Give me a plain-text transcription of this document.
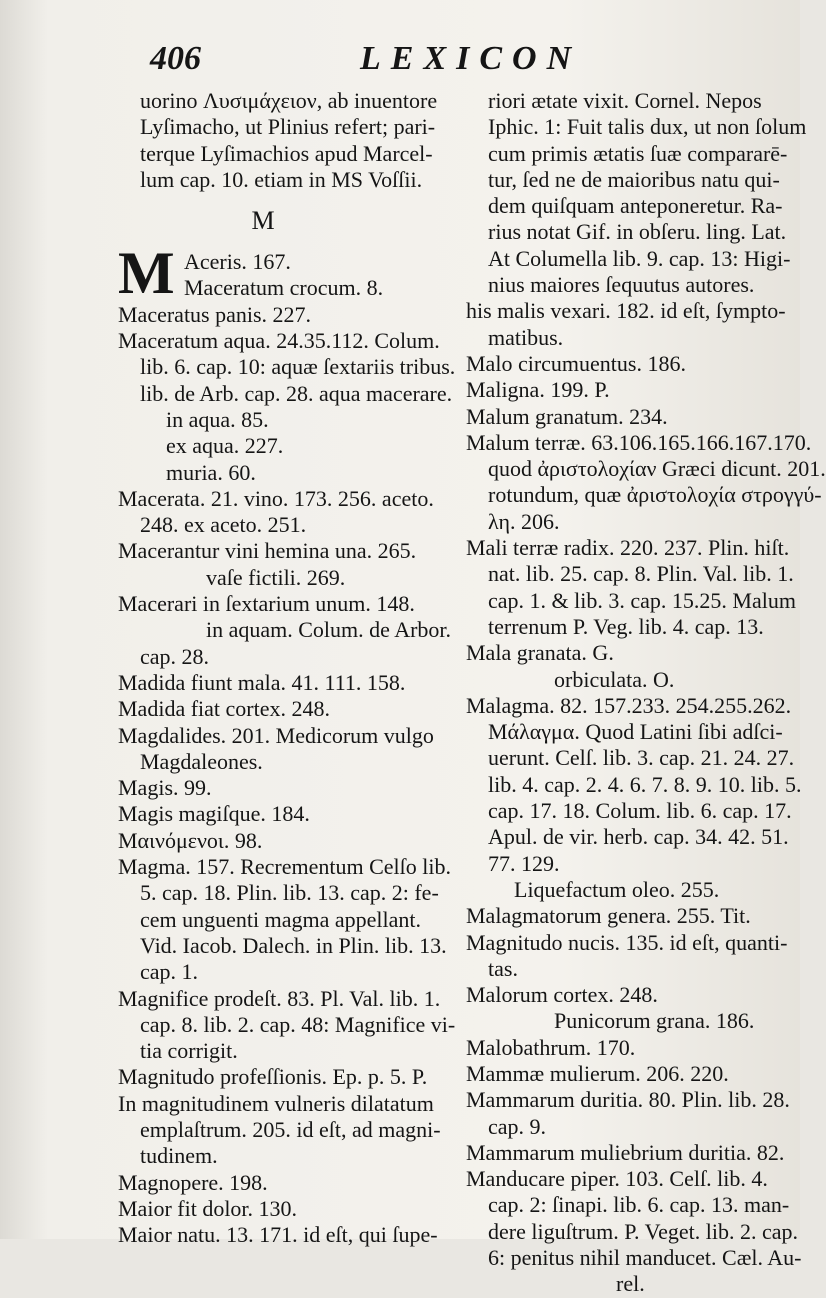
406	LEXICON
uorino Λυσιμάχειον, ab inuentore
Lyſimacho, ut Plinius refert; pari-
terque Lyſimachios apud Marcel-
lum cap. 10. etiam in MS Voſſii.
M
M Aceris. 167.
Maceratum crocum. 8.
Maceratus panis. 227.
Maceratum aqua. 24.35.112. Colum.
lib. 6. cap. 10: aquæ ſextariis tribus.
lib. de Arb. cap. 28. aqua macerare.
in aqua. 85.
ex aqua. 227.
muria. 60.
Macerata. 21. vino. 173. 256. aceto.
248. ex aceto. 251.
Macerantur vini hemina una. 265.
vaſe fictili. 269.
Macerari in ſextarium unum. 148.
in aquam. Colum. de Arbor.
cap. 28.
Madida fiunt mala. 41. 111. 158.
Madida fiat cortex. 248.
Magdalides. 201. Medicorum vulgo
Magdaleones.
Magis. 99.
Magis magiſque. 184.
Μαινόμενοι. 98.
Magma. 157. Recrementum Celſo lib.
5. cap. 18. Plin. lib. 13. cap. 2: fe-
cem unguenti magma appellant.
Vid. Iacob. Dalech. in Plin. lib. 13.
cap. 1.
Magnifice prodeſt. 83. Pl. Val. lib. 1.
cap. 8. lib. 2. cap. 48: Magnifice vi-
tia corrigit.
Magnitudo profeſſionis. Ep. p. 5. P.
In magnitudinem vulneris dilatatum
emplaſtrum. 205. id eſt, ad magni-
tudinem.
Magnopere. 198.
Maior fit dolor. 130.
Maior natu. 13. 171. id eſt, qui ſupe-
riori ætate vixit. Cornel. Nepos
Iphic. 1: Fuit talis dux, ut non ſolum
cum primis ætatis ſuæ compararē-
tur, ſed ne de maioribus natu qui-
dem quiſquam anteponeretur. Ra-
rius notat Gif. in obſeru. ling. Lat.
At Columella lib. 9. cap. 13: Higi-
nius maiores ſequutus autores.
his malis vexari. 182. id eſt, ſympto-
matibus.
Malo circumuentus. 186.
Maligna. 199. P.
Malum granatum. 234.
Malum terræ. 63.106.165.166.167.170.
quod ἀριστολοχίαν Græci dicunt. 201.
rotundum, quæ ἀριστολοχία στρογγύ-
λη. 206.
Mali terræ radix. 220. 237. Plin. hiſt.
nat. lib. 25. cap. 8. Plin. Val. lib. 1.
cap. 1. & lib. 3. cap. 15.25. Malum
terrenum P. Veg. lib. 4. cap. 13.
Mala granata. G.
orbiculata. O.
Malagma. 82. 157.233. 254.255.262.
Μάλαγμα. Quod Latini ſibi adſci-
uerunt. Celſ. lib. 3. cap. 21. 24. 27.
lib. 4. cap. 2. 4. 6. 7. 8. 9. 10. lib. 5.
cap. 17. 18. Colum. lib. 6. cap. 17.
Apul. de vir. herb. cap. 34. 42. 51.
77. 129.
Liquefactum oleo. 255.
Malagmatorum genera. 255. Tit.
Magnitudo nucis. 135. id eſt, quanti-
tas.
Malorum cortex. 248.
Punicorum grana. 186.
Malobathrum. 170.
Mammæ mulierum. 206. 220.
Mammarum duritia. 80. Plin. lib. 28.
cap. 9.
Mammarum muliebrium duritia. 82.
Manducare piper. 103. Celſ. lib. 4.
cap. 2: ſinapi. lib. 6. cap. 13. man-
dere liguſtrum. P. Veget. lib. 2. cap.
6: penitus nihil manducet. Cæl. Au-
rel.
